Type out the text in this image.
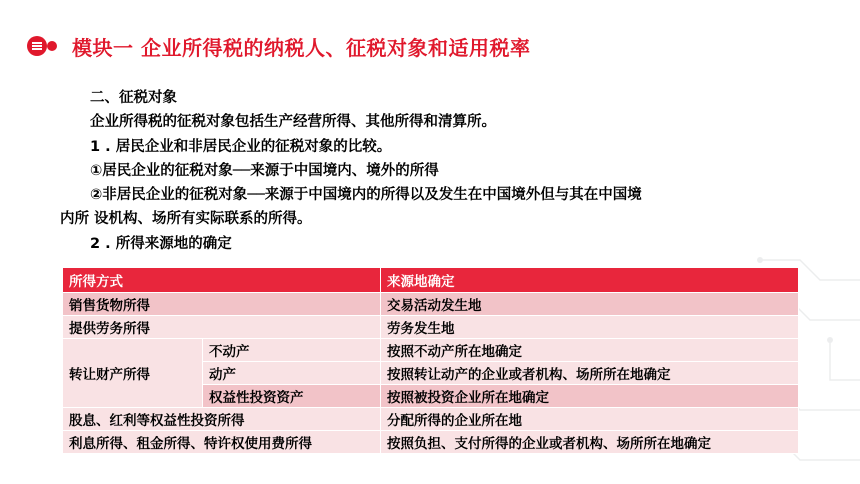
模块一 企业所得税的纳税人、征税对象和适用税率

二、征税对象

企业所得税的征税对象包括生产经营所得、其他所得和清算所。

1 . 居民企业和非居民企业的征税对象的比较。

①居民企业的征税对象──来源于中国境内、境外的所得

②非居民企业的征税对象──来源于中国境内的所得以及发生在中国境外但与其在中国境

内所 设机构、场所有实际联系的所得。

2 . 所得来源地的确定

所得方式		来源地确定
销售货物所得		交易活动发生地
提供劳务所得		劳务发生地
转让财产所得	不动产	按照不动产所在地确定
	动产	按照转让动产的企业或者机构、场所所在地确定
	权益性投资资产	按照被投资企业所在地确定
股息、红利等权益性投资所得		分配所得的企业所在地
利息所得、租金所得、特许权使用费所得		按照负担、支付所得的企业或者机构、场所所在地确定
